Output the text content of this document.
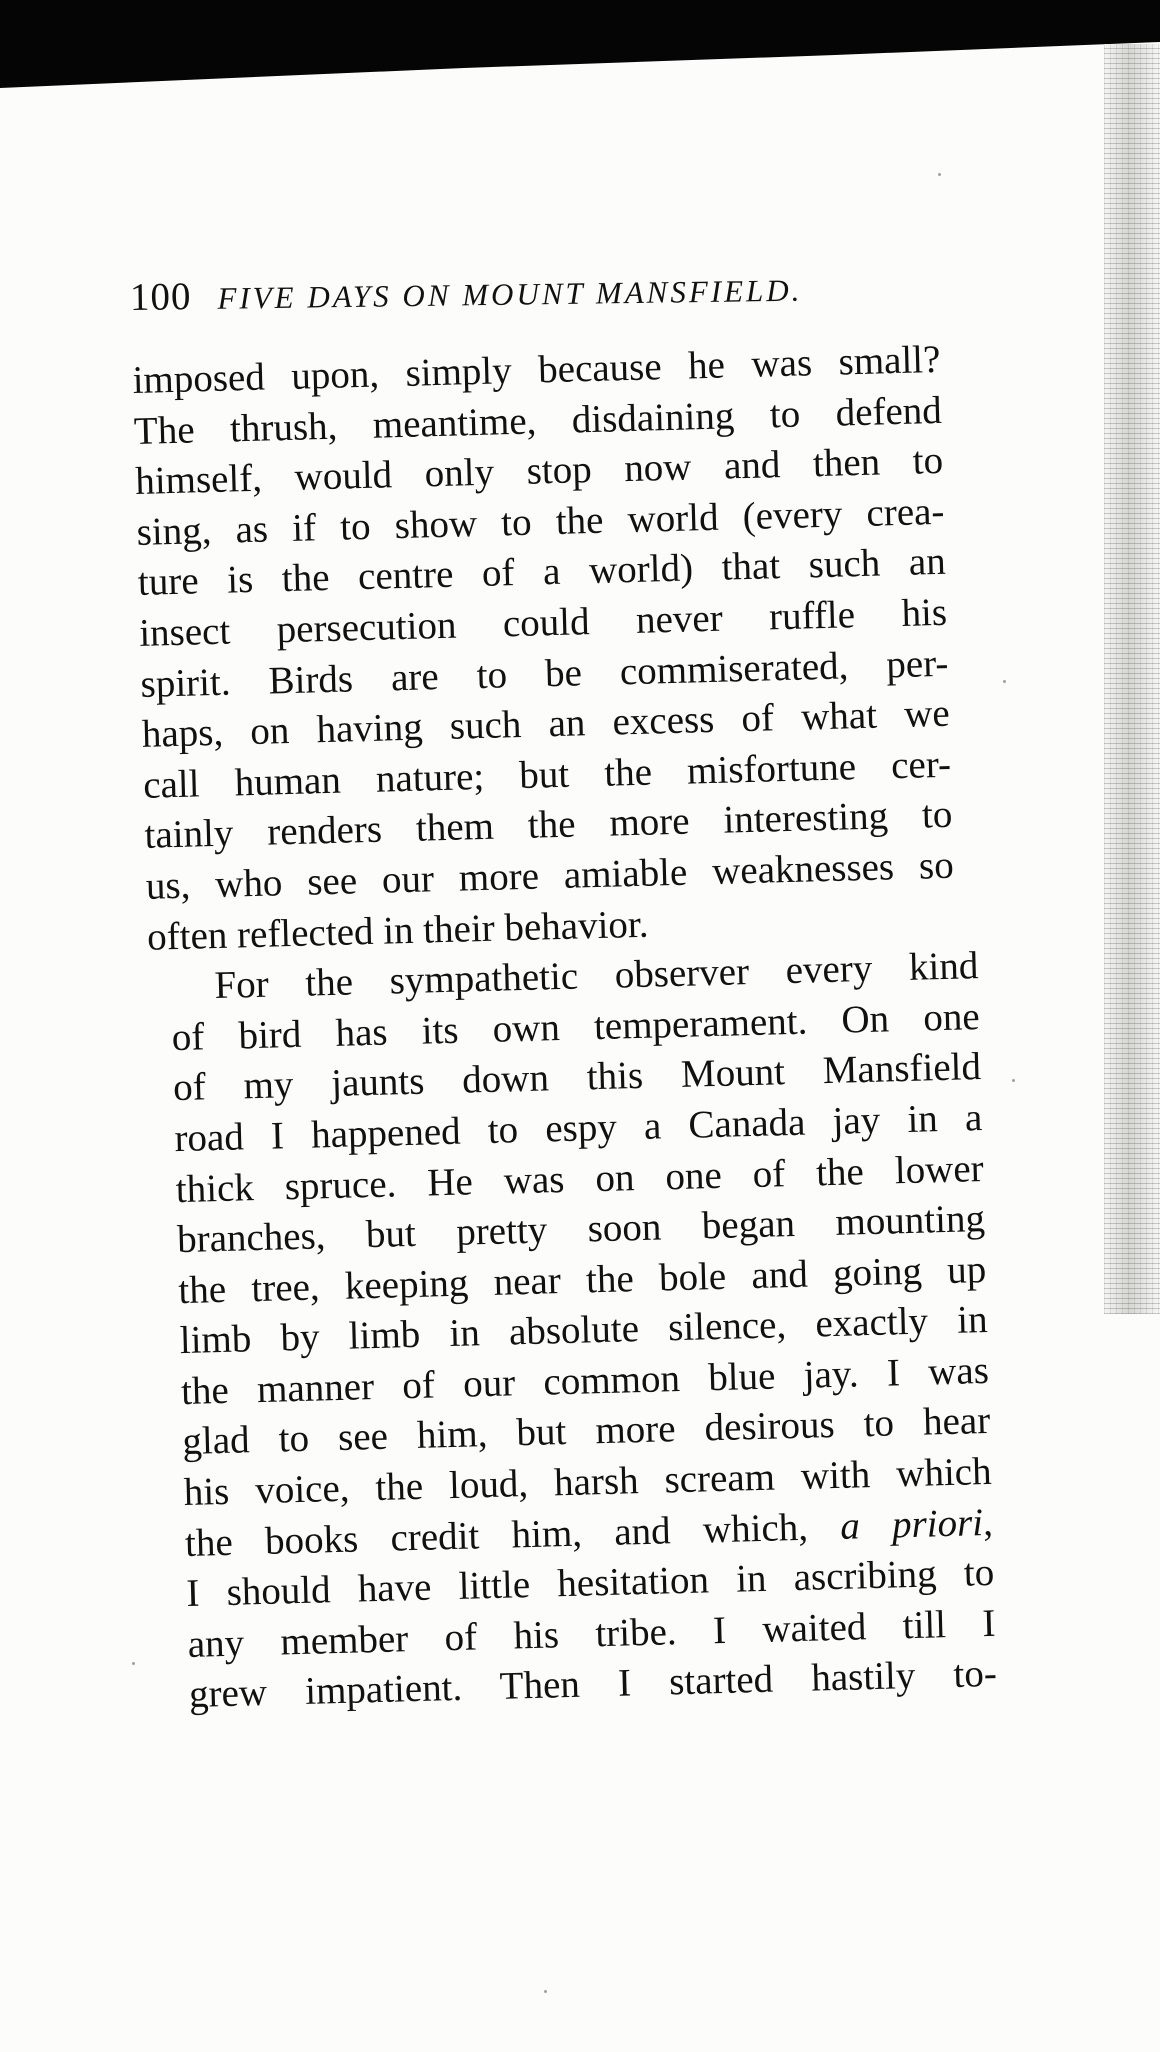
100 FIVE DAYS ON MOUNT MANSFIELD.
imposed upon, simply because he was small?
The thrush, meantime, disdaining to defend
himself, would only stop now and then to
sing, as if to show to the world (every crea-
ture is the centre of a world) that such an
insect persecution could never ruffle his
spirit. Birds are to be commiserated, per-
haps, on having such an excess of what we
call human nature; but the misfortune cer-
tainly renders them the more interesting to
us, who see our more amiable weaknesses so
often reflected in their behavior.
For the sympathetic observer every kind
of bird has its own temperament. On one
of my jaunts down this Mount Mansfield
road I happened to espy a Canada jay in a
thick spruce. He was on one of the lower
branches, but pretty soon began mounting
the tree, keeping near the bole and going up
limb by limb in absolute silence, exactly in
the manner of our common blue jay. I was
glad to see him, but more desirous to hear
his voice, the loud, harsh scream with which
the books credit him, and which, a priori,
I should have little hesitation in ascribing to
any member of his tribe. I waited till I
grew impatient. Then I started hastily to-
